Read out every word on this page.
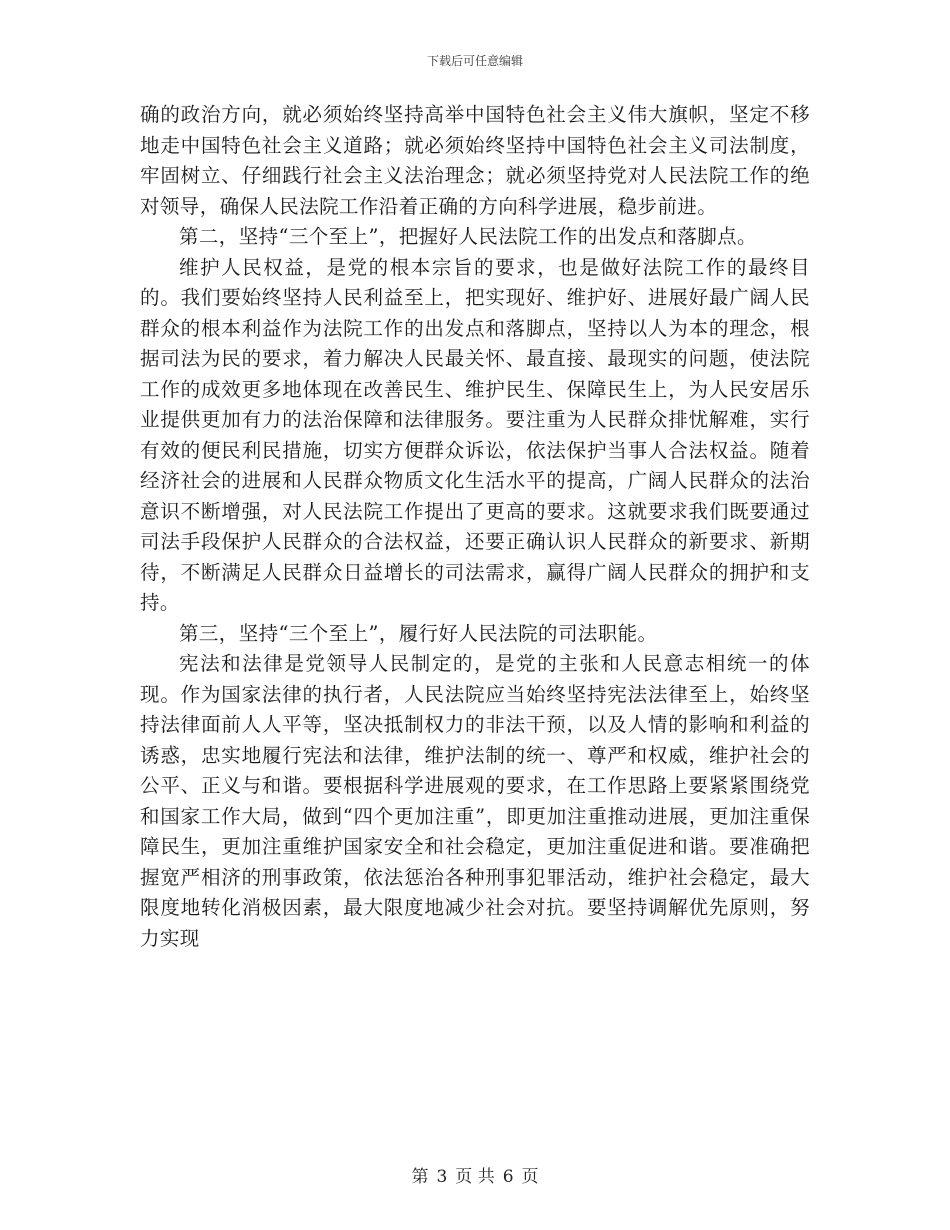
下载后可任意编辑

确的政治方向，就必须始终坚持高举中国特色社会主义伟大旗帜，坚定不移地走中国特色社会主义道路；就必须始终坚持中国特色社会主义司法制度，牢固树立、仔细践行社会主义法治理念；就必须坚持党对人民法院工作的绝对领导，确保人民法院工作沿着正确的方向科学进展，稳步前进。

第二，坚持“三个至上”，把握好人民法院工作的出发点和落脚点。

维护人民权益，是党的根本宗旨的要求，也是做好法院工作的最终目的。我们要始终坚持人民利益至上，把实现好、维护好、进展好最广阔人民群众的根本利益作为法院工作的出发点和落脚点，坚持以人为本的理念，根据司法为民的要求，着力解决人民最关怀、最直接、最现实的问题，使法院工作的成效更多地体现在改善民生、维护民生、保障民生上，为人民安居乐业提供更加有力的法治保障和法律服务。要注重为人民群众排忧解难，实行有效的便民利民措施，切实方便群众诉讼，依法保护当事人合法权益。随着经济社会的进展和人民群众物质文化生活水平的提高，广阔人民群众的法治意识不断增强，对人民法院工作提出了更高的要求。这就要求我们既要通过司法手段保护人民群众的合法权益，还要正确认识人民群众的新要求、新期待，不断满足人民群众日益增长的司法需求，赢得广阔人民群众的拥护和支持。

第三，坚持“三个至上”，履行好人民法院的司法职能。

宪法和法律是党领导人民制定的，是党的主张和人民意志相统一的体现。作为国家法律的执行者，人民法院应当始终坚持宪法法律至上，始终坚持法律面前人人平等，坚决抵制权力的非法干预，以及人情的影响和利益的诱惑，忠实地履行宪法和法律，维护法制的统一、尊严和权威，维护社会的公平、正义与和谐。要根据科学进展观的要求，在工作思路上要紧紧围绕党和国家工作大局，做到“四个更加注重”，即更加注重推动进展，更加注重保障民生，更加注重维护国家安全和社会稳定，更加注重促进和谐。要准确把握宽严相济的刑事政策，依法惩治各种刑事犯罪活动，维护社会稳定，最大限度地转化消极因素，最大限度地减少社会对抗。要坚持调解优先原则，努力实现

第 3 页 共 6 页
